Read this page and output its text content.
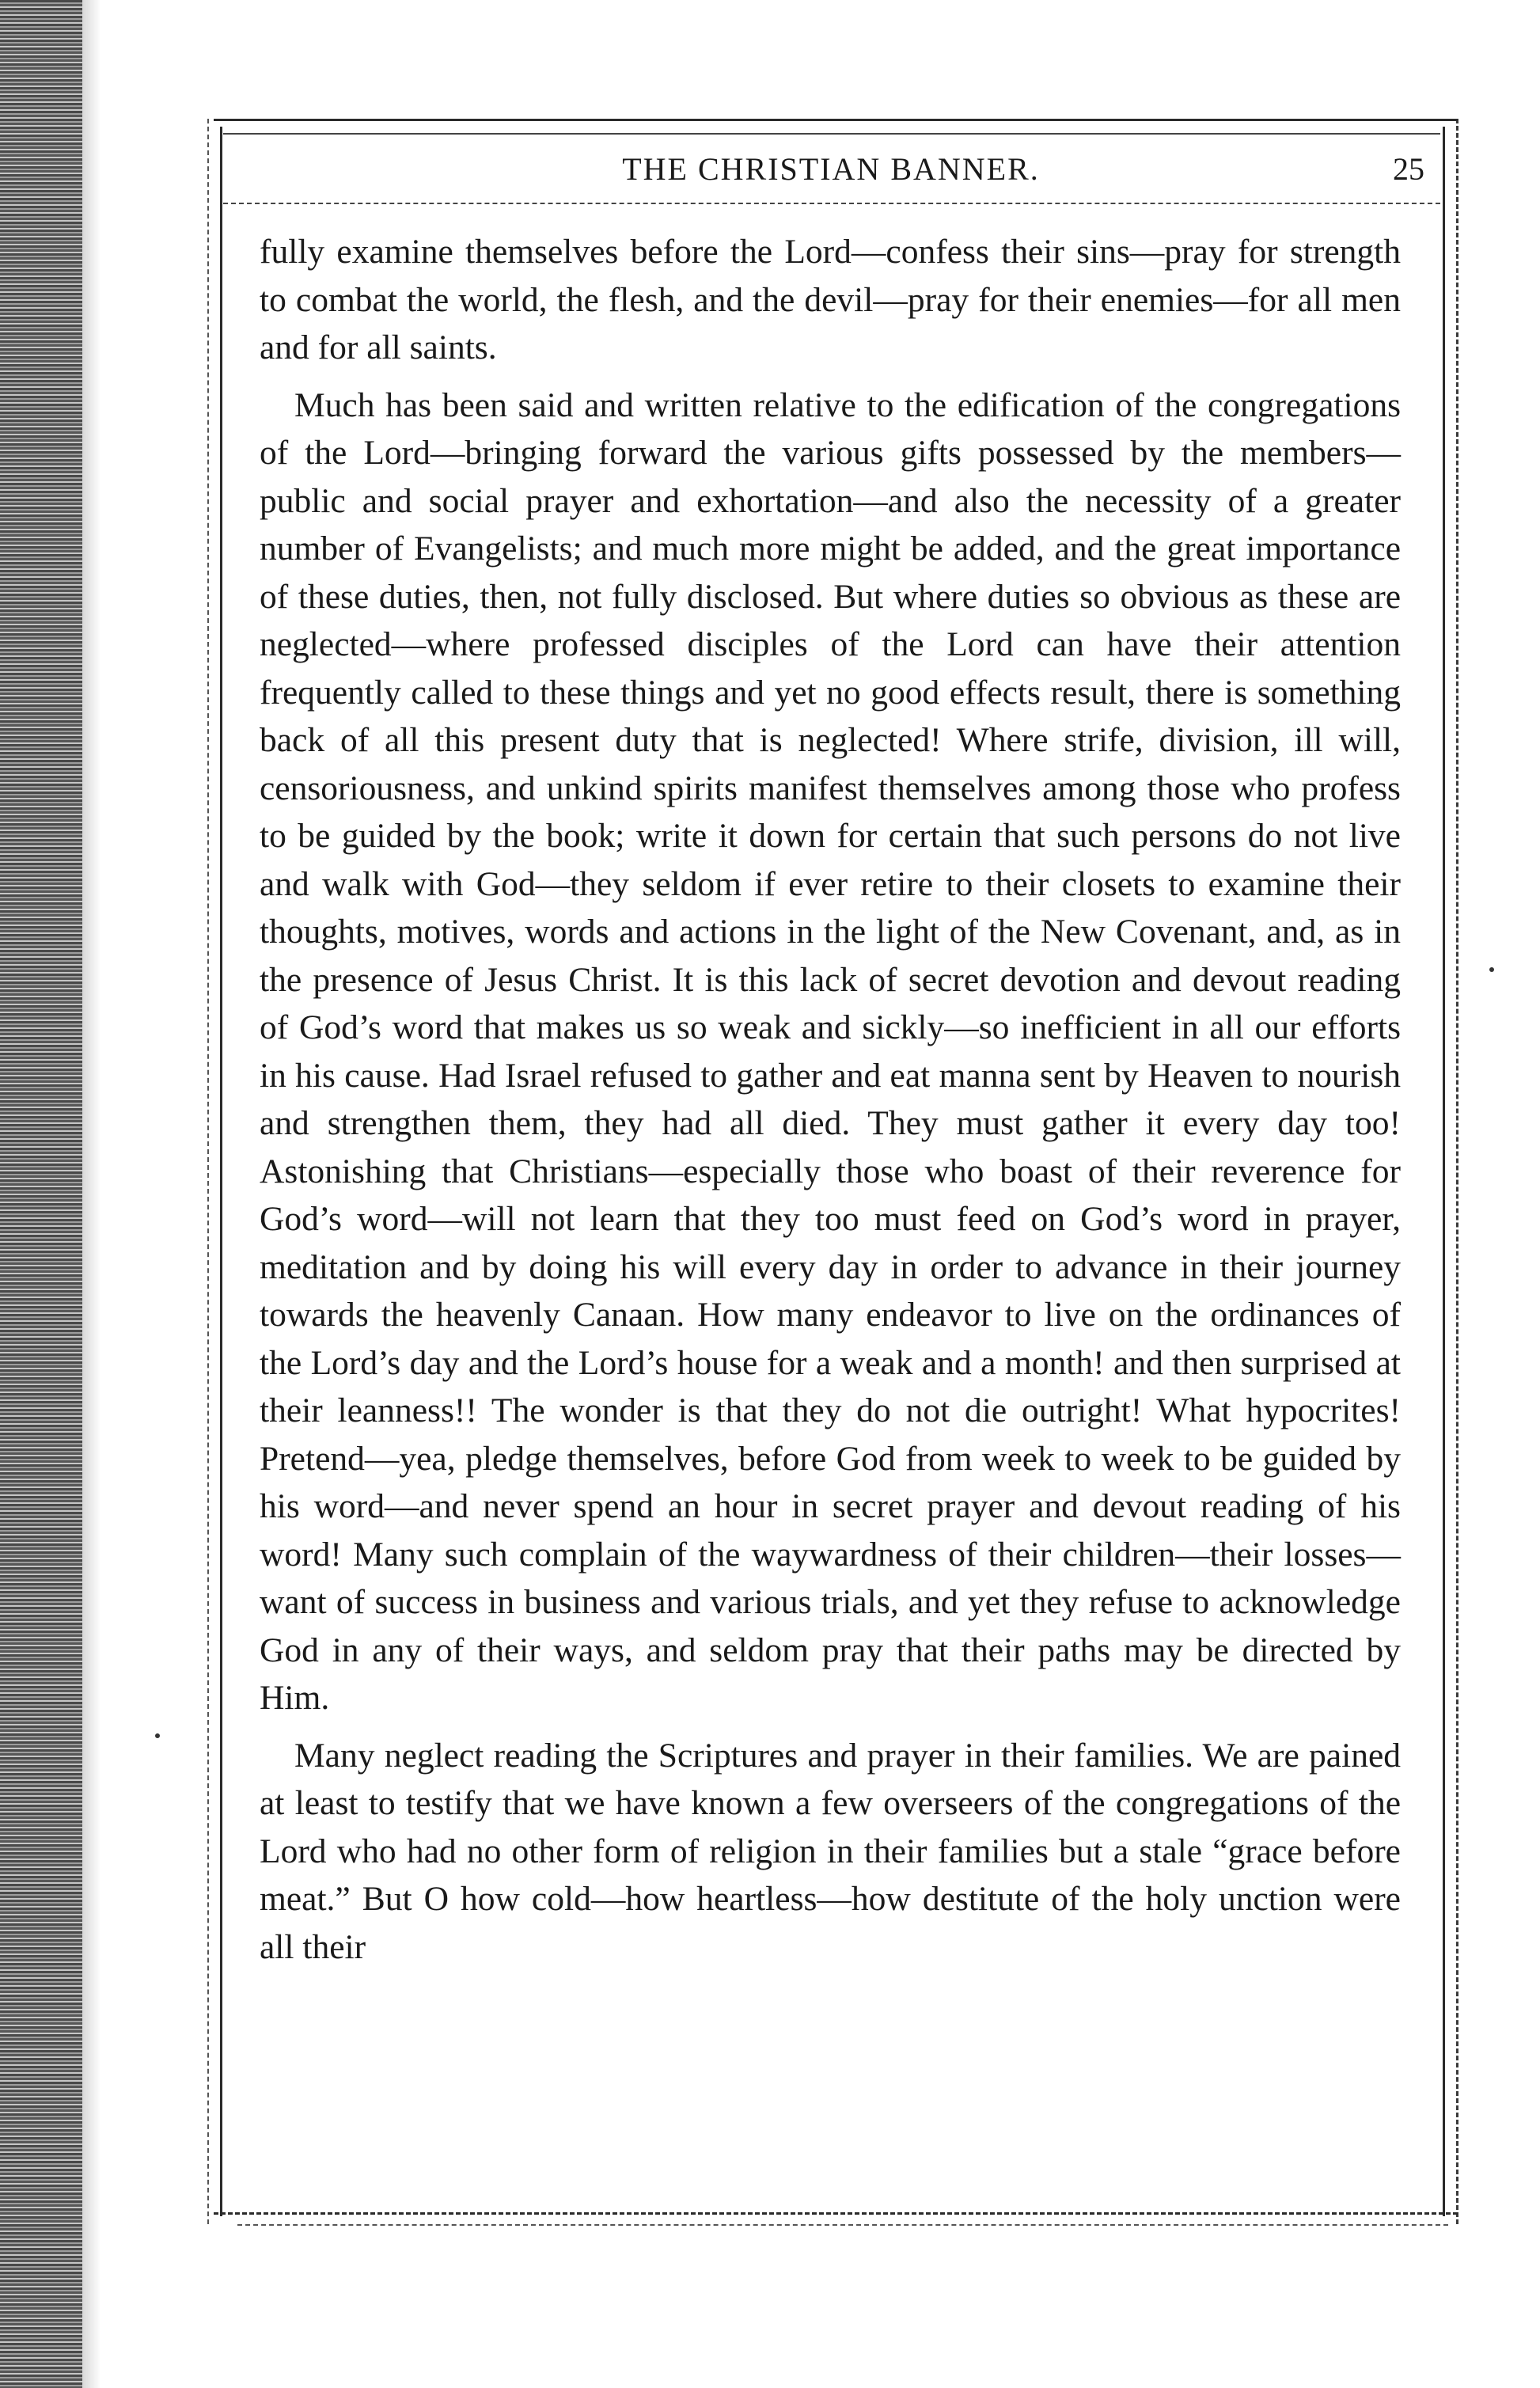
THE CHRISTIAN BANNER.	25

fully examine themselves before the Lord—confess their sins—pray for strength to combat the world, the flesh, and the devil—pray for their enemies—for all men and for all saints.

Much has been said and written relative to the edification of the congregations of the Lord—bringing forward the various gifts possessed by the members—public and social prayer and exhortation—and also the necessity of a greater number of Evangelists; and much more might be added, and the great importance of these duties, then, not fully disclosed. But where duties so obvious as these are neglected—where professed disciples of the Lord can have their attention frequently called to these things and yet no good effects result, there is something back of all this present duty that is neglected! Where strife, division, ill will, censoriousness, and unkind spirits manifest themselves among those who profess to be guided by the book; write it down for certain that such persons do not live and walk with God—they seldom if ever retire to their closets to examine their thoughts, motives, words and actions in the light of the New Covenant, and, as in the presence of Jesus Christ. It is this lack of secret devotion and devout reading of God’s word that makes us so weak and sickly—so inefficient in all our efforts in his cause. Had Israel refused to gather and eat manna sent by Heaven to nourish and strengthen them, they had all died. They must gather it every day too! Astonishing that Christians—especially those who boast of their reverence for God’s word—will not learn that they too must feed on God’s word in prayer, meditation and by doing his will every day in order to advance in their journey towards the heavenly Canaan. How many endeavor to live on the ordinances of the Lord’s day and the Lord’s house for a weak and a month! and then surprised at their leanness!! The wonder is that they do not die outright! What hypocrites! Pretend—yea, pledge themselves, before God from week to week to be guided by his word—and never spend an hour in secret prayer and devout reading of his word! Many such complain of the waywardness of their children—their losses—want of success in business and various trials, and yet they refuse to acknowledge God in any of their ways, and seldom pray that their paths may be directed by Him.

Many neglect reading the Scriptures and prayer in their families. We are pained at least to testify that we have known a few overseers of the congregations of the Lord who had no other form of religion in their families but a stale “grace before meat.” But O how cold—how heartless—how destitute of the holy unction were all their
